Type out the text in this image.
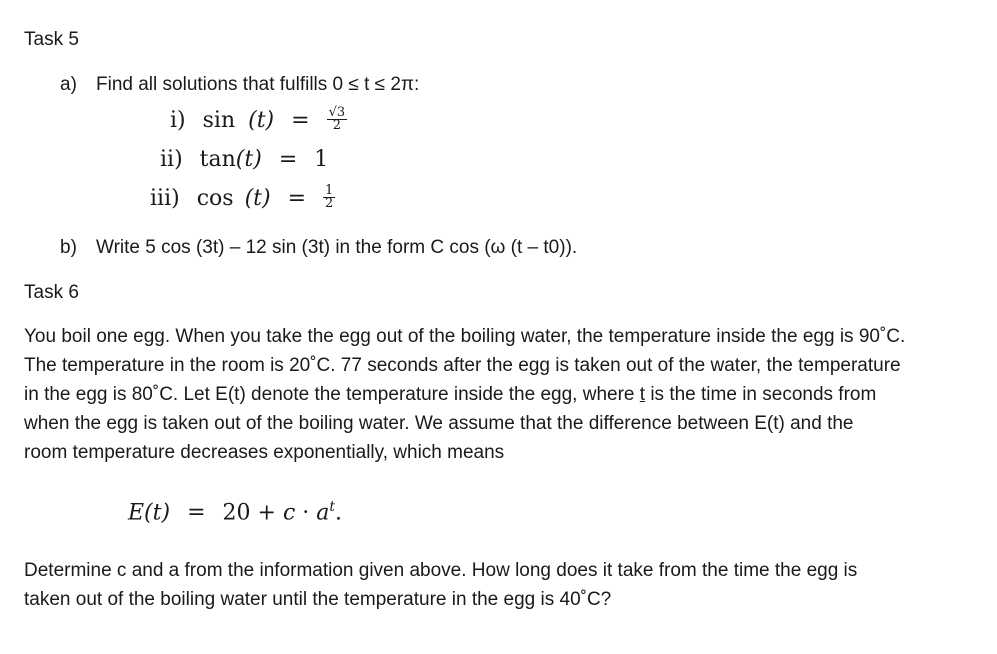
Task 5
a) Find all solutions that fulfills 0 ≤ t ≤ 2π:
i) $\sin (t) = \frac{√3}{2}$
ii) tan(t) = 1
iii) $\cos (t) = \frac{1}{2}$
b) Write 5 cos (3t) – 12 sin (3t) in the form C cos (ω (t – t0)).
Task 6
You boil one egg. When you take the egg out of the boiling water, the temperature inside the egg is 90˚C.
The temperature in the room is 20˚C. 77 seconds after the egg is taken out of the water, the temperature
in the egg is 80˚C. Let E(t) denote the temperature inside the egg, where t is the time in seconds from
when the egg is taken out of the boiling water. We assume that the difference between E(t) and the
room temperature decreases exponentially, which means
$E(t) = 20 + c \cdot a^t$.
Determine c and a from the information given above. How long does it take from the time the egg is
taken out of the boiling water until the temperature in the egg is 40˚C?
